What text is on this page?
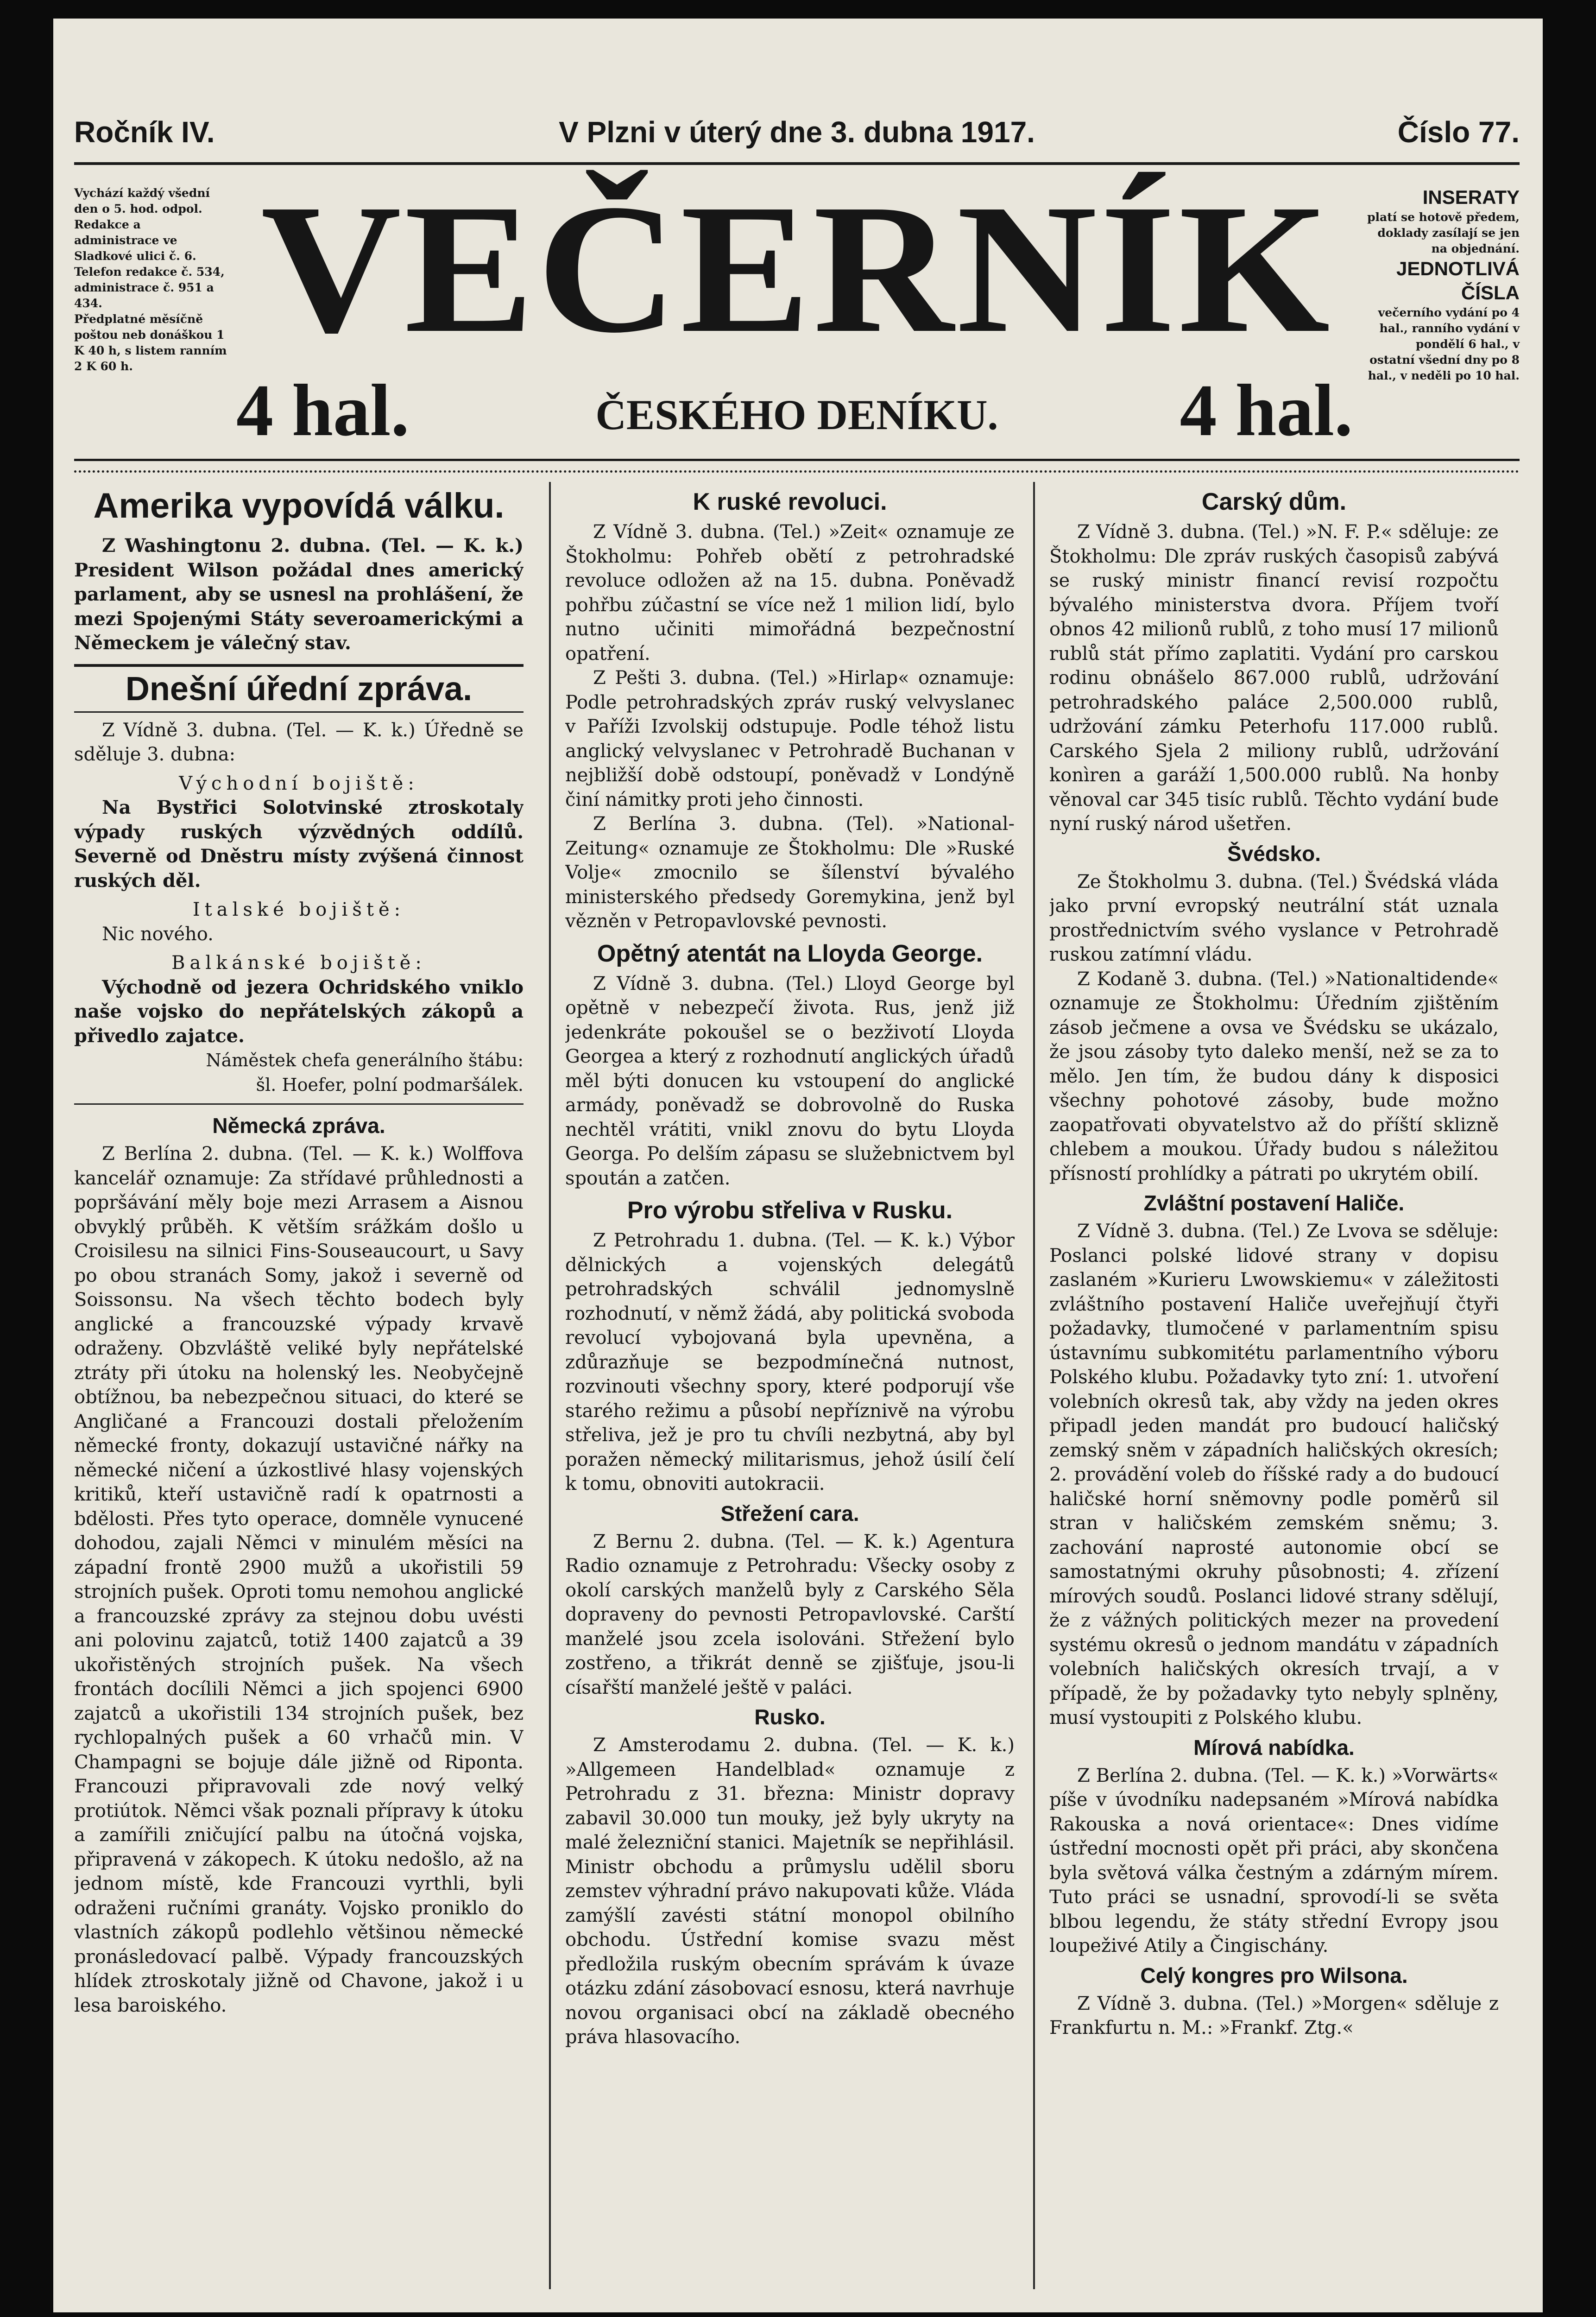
Ročník IV.	V Plzni v úterý dne 3. dubna 1917.	Číslo 77.
Vychází každý všední den o 5. hod. odpol.
Redakce a administrace ve Sladkové ulici č. 6.
Telefon redakce č. 534, administrace č. 951 a 434.
Předplatné měsíčně poštou neb donáškou 1 K 40 h, s listem ranním 2 K 60 h. VEČERNÍK
4 hal.	ČESKÉHO DENÍKU.	4 hal.
INSERATY
platí se hotově předem, doklady zasílají se jen na objednání.
JEDNOTLIVÁ ČÍSLA
večerního vydání po 4 hal., ranního vydání v pondělí 6 hal., v ostatní všední dny po 8 hal., v neděli po 10 hal.
Amerika vypovídá válku.

Z Washingtonu 2. dubna. (Tel. — K. k.) President Wilson požádal dnes americký parlament, aby se usnesl na prohlášení, že mezi Spojenými Státy severoamerickými a Německem je válečný stav.

Dnešní úřední zpráva.

Z Vídně 3. dubna. (Tel. — K. k.) Úředně se sděluje 3. dubna:

Východní bojiště:

Na Bystřici Solotvinské ztroskotaly výpady ruských výzvědných oddílů. Severně od Dněstru místy zvýšená činnost ruských děl.

Italské bojiště:

Nic nového.

Balkánské bojiště:

Východně od jezera Ochridského vniklo naše vojsko do nepřátelských zákopů a přivedlo zajatce.

Náměstek chefa generálního štábu:

šl. Hoefer, polní podmaršálek.

Německá zpráva.

Z Berlína 2. dubna. (Tel. — K. k.) Wolffova kancelář oznamuje: Za střídavé průhlednosti a popršávání měly boje mezi Arrasem a Aisnou obvyklý průběh. K větším srážkám došlo u Croisilesu na silnici Fins-Souseaucourt, u Savy po obou stranách Somy, jakož i severně od Soissonsu. Na všech těchto bodech byly anglické a francouzské výpady krvavě odraženy. Obzvláště veliké byly nepřátelské ztráty při útoku na holenský les. Neobyčejně obtížnou, ba nebezpečnou situaci, do které se Angličané a Francouzi dostali přeložením německé fronty, dokazují ustavičné nářky na německé ničení a úzkostlivé hlasy vojenských kritiků, kteří ustavičně radí k opatrnosti a bdělosti. Přes tyto operace, domněle vynucené dohodou, zajali Němci v minulém měsíci na západní frontě 2900 mužů a ukořistili 59 strojních pušek. Oproti tomu nemohou anglické a francouzské zprávy za stejnou dobu uvésti ani polovinu zajatců, totiž 1400 zajatců a 39 ukořistěných strojních pušek. Na všech frontách docílili Němci a jich spojenci 6900 zajatců a ukořistili 134 strojních pušek, bez rychlopalných pušek a 60 vrhačů min. V Champagni se bojuje dále jižně od Riponta. Francouzi připravovali zde nový velký protiútok. Němci však poznali přípravy k útoku a zamířili zničující palbu na útočná vojska, připravená v zákopech. K útoku nedošlo, až na jednom místě, kde Francouzi vyrthli, byli odraženi ručními granáty. Vojsko proniklo do vlastních zákopů podlehlo většinou německé pronásledovací palbě. Výpady francouzských hlídek ztroskotaly jižně od Chavone, jakož i u lesa baroiského.

K ruské revoluci.

Z Vídně 3. dubna. (Tel.) »Zeit« oznamuje ze Štokholmu: Pohřeb obětí z petrohradské revoluce odložen až na 15. dubna. Poněvadž pohřbu zúčastní se více než 1 milion lidí, bylo nutno učiniti mimořádná bezpečnostní opatření.

Z Pešti 3. dubna. (Tel.) »Hirlap« oznamuje: Podle petrohradských zpráv ruský velvyslanec v Paříži Izvolskij odstupuje. Podle téhož listu anglický velvyslanec v Petrohradě Buchanan v nejbližší době odstoupí, poněvadž v Londýně činí námitky proti jeho činnosti.

Z Berlína 3. dubna. (Tel). »National-Zeitung« oznamuje ze Štokholmu: Dle »Ruské Volje« zmocnilo se šílenství bývalého ministerského předsedy Goremykina, jenž byl vězněn v Petropavlovské pevnosti.

Opětný atentát na Lloyda George.

Z Vídně 3. dubna. (Tel.) Lloyd George byl opětně v nebezpečí života. Rus, jenž již jedenkráte pokoušel se o bezživotí Lloyda Georgea a který z rozhodnutí anglických úřadů měl býti donucen ku vstoupení do anglické armády, poněvadž se dobrovolně do Ruska nechtěl vrátiti, vnikl znovu do bytu Lloyda Georga. Po delším zápasu se služebnictvem byl spoután a zatčen.

Pro výrobu střeliva v Rusku.

Z Petrohradu 1. dubna. (Tel. — K. k.) Výbor dělnických a vojenských delegátů petrohradských schválil jednomyslně rozhodnutí, v němž žádá, aby politická svoboda revolucí vybojovaná byla upevněna, a zdůrazňuje se bezpodmínečná nutnost, rozvinouti všechny spory, které podporují vše starého režimu a působí nepříznivě na výrobu střeliva, jež je pro tu chvíli nezbytná, aby byl poražen německý militarismus, jehož úsilí čelí k tomu, obnoviti autokracii.

Střežení cara.

Z Bernu 2. dubna. (Tel. — K. k.) Agentura Radio oznamuje z Petrohradu: Všecky osoby z okolí carských manželů byly z Carského Sěla dopraveny do pevnosti Petropavlovské. Carští manželé jsou zcela isolováni. Střežení bylo zostřeno, a třikrát denně se zjišťuje, jsou-li císařští manželé ještě v paláci.

Rusko.

Z Amsterodamu 2. dubna. (Tel. — K. k.) »Allgemeen Handelblad« oznamuje z Petrohradu z 31. března: Ministr dopravy zabavil 30.000 tun mouky, jež byly ukryty na malé železniční stanici. Majetník se nepřihlásil. Ministr obchodu a průmyslu udělil sboru zemstev výhradní právo nakupovati kůže. Vláda zamýšlí zavésti státní monopol obilního obchodu. Ústřední komise svazu měst předložila ruským obecním správám k úvaze otázku zdání zásobovací esnosu, která navrhuje novou organisaci obcí na základě obecného práva hlasovacího.

Carský dům.

Z Vídně 3. dubna. (Tel.) »N. F. P.« sděluje: ze Štokholmu: Dle zpráv ruských časopisů zabývá se ruský ministr financí revisí rozpočtu bývalého ministerstva dvora. Příjem tvoří obnos 42 milionů rublů, z toho musí 17 milionů rublů stát přímo zaplatiti. Vydání pro carskou rodinu obnášelo 867.000 rublů, udržování petrohradského paláce 2,500.000 rublů, udržování zámku Peterhofu 117.000 rublů. Carského Sjela 2 miliony rublů, udržování konìren a garáží 1,500.000 rublů. Na honby věnoval car 345 tisíc rublů. Těchto vydání bude nyní ruský národ ušetřen.

Švédsko.

Ze Štokholmu 3. dubna. (Tel.) Švédská vláda jako první evropský neutrální stát uznala prostřednictvím svého vyslance v Petrohradě ruskou zatímní vládu.

Z Kodaně 3. dubna. (Tel.) »Nationaltidende« oznamuje ze Štokholmu: Úředním zjištěním zásob ječmene a ovsa ve Švédsku se ukázalo, že jsou zásoby tyto daleko menší, než se za to mělo. Jen tím, že budou dány k disposici všechny pohotové zásoby, bude možno zaopatřovati obyvatelstvo až do příští sklizně chlebem a moukou. Úřady budou s náležitou přísností prohlídky a pátrati po ukrytém obilí.

Zvláštní postavení Haliče.

Z Vídně 3. dubna. (Tel.) Ze Lvova se sděluje: Poslanci polské lidové strany v dopisu zaslaném »Kurieru Lwowskiemu« v záležitosti zvláštního postavení Haliče uveřejňují čtyři požadavky, tlumočené v parlamentním spisu ústavnímu subkomitétu parlamentního výboru Polského klubu. Požadavky tyto zní: 1. utvoření volebních okresů tak, aby vždy na jeden okres připadl jeden mandát pro budoucí haličský zemský sněm v západních haličských okresích; 2. provádění voleb do říšské rady a do budoucí haličské horní sněmovny podle poměrů sil stran v haličském zemském sněmu; 3. zachování naprosté autonomie obcí se samostatnými okruhy působnosti; 4. zřízení mírových soudů. Poslanci lidové strany sdělují, že z vážných politických mezer na provedení systému okresů o jednom mandátu v západních volebních haličských okresích trvají, a v případě, že by požadavky tyto nebyly splněny, musí vystoupiti z Polského klubu.

Mírová nabídka.

Z Berlína 2. dubna. (Tel. — K. k.) »Vorwärts« píše v úvodníku nadepsaném »Mírová nabídka Rakouska a nová orientace«: Dnes vidíme ústřední mocnosti opět při práci, aby skončena byla světová válka čestným a zdárným mírem. Tuto práci se usnadní, sprovodí-li se světa blbou legendu, že státy střední Evropy jsou loupeživé Atily a Čingischány.

Celý kongres pro Wilsona.

Z Vídně 3. dubna. (Tel.) »Morgen« sděluje z Frankfurtu n. M.: »Frankf. Ztg.«
